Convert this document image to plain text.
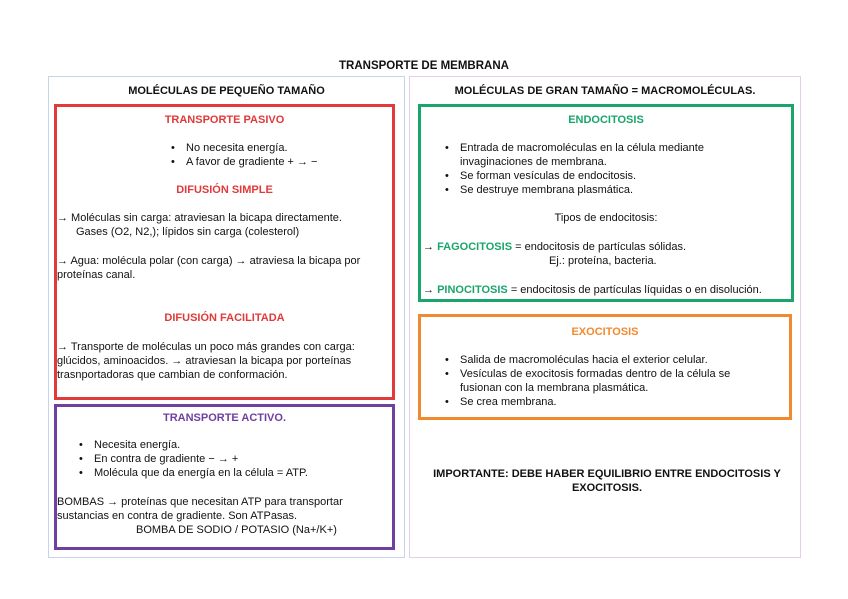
TRANSPORTE DE MEMBRANA
MOLÉCULAS DE PEQUEÑO TAMAÑO	MOLÉCULAS DE GRAN TAMAÑO = MACROMOLÉCULAS.
TRANSPORTE PASIVO
• No necesita energía.
• A favor de gradiente + → −
DIFUSIÓN SIMPLE
→ Moléculas sin carga: atraviesan la bicapa directamente.
Gases (O2, N2,); lípidos sin carga (colesterol)
→ Agua: molécula polar (con carga) → atraviesa la bicapa por
proteínas canal.
DIFUSIÓN FACILITADA
→ Transporte de moléculas un poco más grandes con carga:
glúcidos, aminoacidos. → atraviesan la bicapa por porteínas
trasnportadoras que cambian de conformación.
TRANSPORTE ACTIVO.
• Necesita energía.
• En contra de gradiente − → +
• Molécula que da energía en la célula = ATP.
BOMBAS → proteínas que necesitan ATP para transportar
sustancias en contra de gradiente. Son ATPasas.
BOMBA DE SODIO / POTASIO (Na+/K+)
ENDOCITOSIS
• Entrada de macromoléculas en la célula mediante
invaginaciones de membrana.
• Se forman vesículas de endocitosis.
• Se destruye membrana plasmática.
Tipos de endocitosis:
→ FAGOCITOSIS = endocitosis de partículas sólidas.
Ej.: proteína, bacteria.
→ PINOCITOSIS = endocitosis de partículas líquidas o en disolución.
EXOCITOSIS
• Salida de macromoléculas hacia el exterior celular.
• Vesículas de exocitosis formadas dentro de la célula se
fusionan con la membrana plasmática.
• Se crea membrana.
IMPORTANTE: DEBE HABER EQUILIBRIO ENTRE ENDOCITOSIS Y EXOCITOSIS.
